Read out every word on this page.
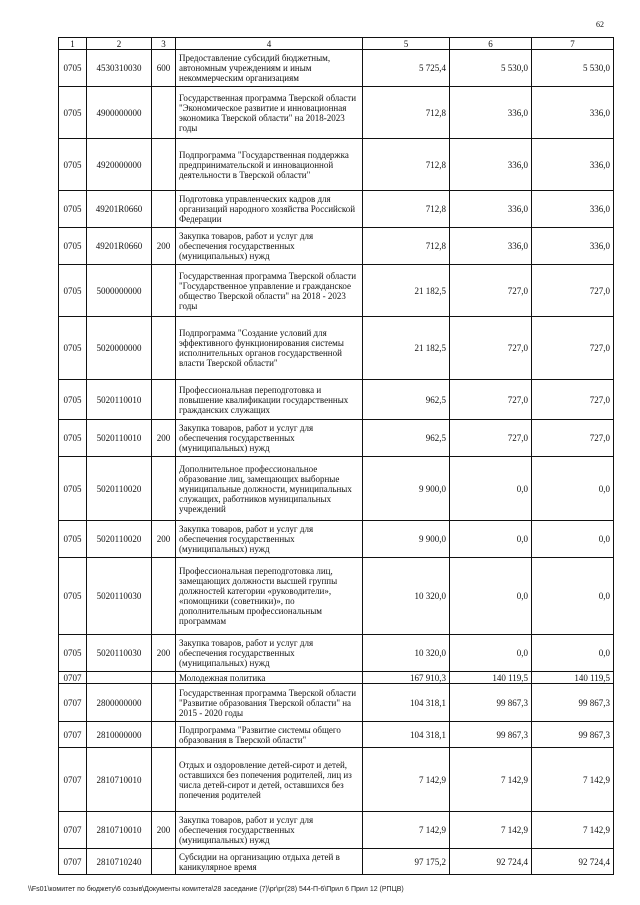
62
1	2	3	4	5	6	7
0705	4530310030	600	Предоставление субсидий бюджетным, автономным учреждениям и иным некоммерческим организациям	5 725,4	5 530,0	5 530,0
0705	4900000000		Государственная программа Тверской области "Экономическое развитие и инновационная экономика Тверской области" на 2018-2023 годы	712,8	336,0	336,0
0705	4920000000		Подпрограмма "Государственная поддержка предпринимательской и инновационной деятельности в Тверской области"	712,8	336,0	336,0
0705	49201R0660		Подготовка управленческих кадров для организаций народного хозяйства Российской Федерации	712,8	336,0	336,0
0705	49201R0660	200	Закупка товаров, работ и услуг для обеспечения государственных (муниципальных) нужд	712,8	336,0	336,0
0705	5000000000		Государственная программа Тверской области "Государственное управление и гражданское общество Тверской области" на 2018 - 2023 годы	21 182,5	727,0	727,0
0705	5020000000		Подпрограмма "Создание условий для эффективного функционирования системы исполнительных органов государственной власти Тверской области"	21 182,5	727,0	727,0
0705	5020110010		Профессиональная переподготовка и повышение квалификации государственных гражданских служащих	962,5	727,0	727,0
0705	5020110010	200	Закупка товаров, работ и услуг для обеспечения государственных (муниципальных) нужд	962,5	727,0	727,0
0705	5020110020		Дополнительное профессиональное образование лиц, замещающих выборные муниципальные должности, муниципальных служащих, работников муниципальных учреждений	9 900,0	0,0	0,0
0705	5020110020	200	Закупка товаров, работ и услуг для обеспечения государственных (муниципальных) нужд	9 900,0	0,0	0,0
0705	5020110030		Профессиональная переподготовка лиц, замещающих должности высшей группы должностей категории «руководители», «помощники (советники)», по дополнительным профессиональным программам	10 320,0	0,0	0,0
0705	5020110030	200	Закупка товаров, работ и услуг для обеспечения государственных (муниципальных) нужд	10 320,0	0,0	0,0
0707			Молодежная политика	167 910,3	140 119,5	140 119,5
0707	2800000000		Государственная программа Тверской области "Развитие образования Тверской области" на 2015 - 2020 годы	104 318,1	99 867,3	99 867,3
0707	2810000000		Подпрограмма "Развитие системы общего образования в Тверской области"	104 318,1	99 867,3	99 867,3
0707	2810710010		Отдых и оздоровление детей-сирот и детей, оставшихся без попечения родителей, лиц из числа детей-сирот и детей, оставшихся без попечения родителей	7 142,9	7 142,9	7 142,9
0707	2810710010	200	Закупка товаров, работ и услуг для обеспечения государственных (муниципальных) нужд	7 142,9	7 142,9	7 142,9
0707	2810710240		Субсидии на организацию отдыха детей в каникулярное время	97 175,2	92 724,4	92 724,4
\\Fs01\комитет по бюджету\6 созыв\Документы комитета\28 заседание (7)\рг\рг(28) 544-П-6\Прил 6 Прил 12 (РПЦВ)
